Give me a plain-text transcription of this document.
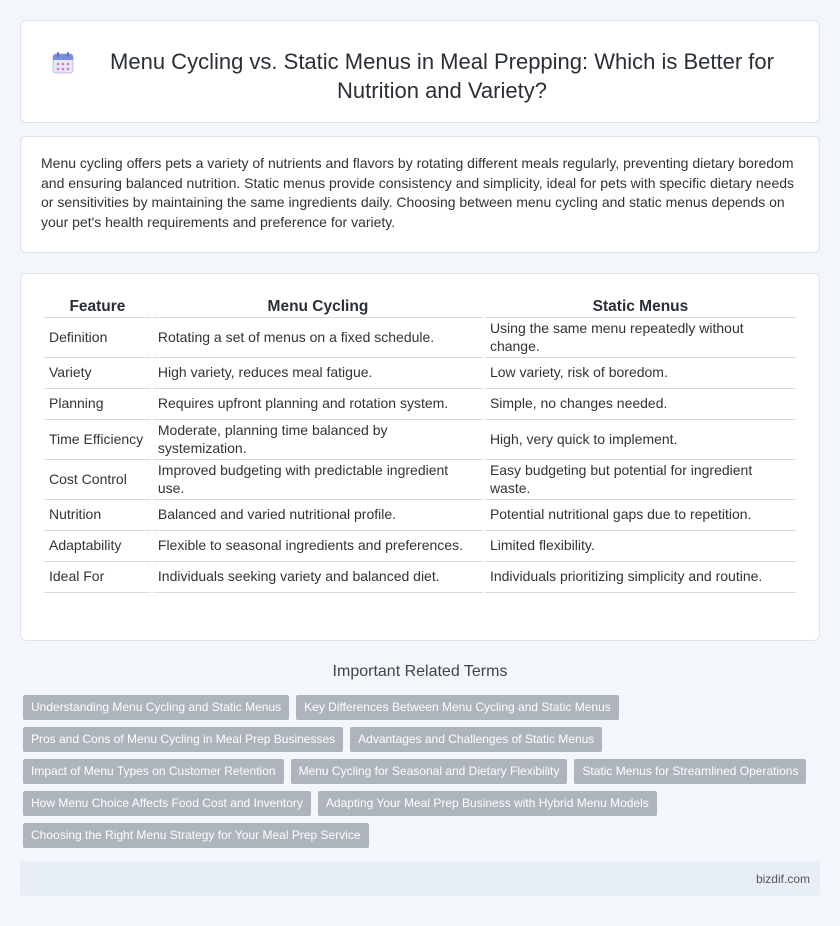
Menu Cycling vs. Static Menus in Meal Prepping: Which is Better for Nutrition and Variety?

Menu cycling offers pets a variety of nutrients and flavors by rotating different meals regularly, preventing dietary boredom and ensuring balanced nutrition. Static menus provide consistency and simplicity, ideal for pets with specific dietary needs or sensitivities by maintaining the same ingredients daily. Choosing between menu cycling and static menus depends on your pet's health requirements and preference for variety.

Feature	Menu Cycling	Static Menus
Definition	Rotating a set of menus on a fixed schedule.	Using the same menu repeatedly without change.
Variety	High variety, reduces meal fatigue.	Low variety, risk of boredom.
Planning	Requires upfront planning and rotation system.	Simple, no changes needed.
Time Efficiency	Moderate, planning time balanced by systemization.	High, very quick to implement.
Cost Control	Improved budgeting with predictable ingredient use.	Easy budgeting but potential for ingredient waste.
Nutrition	Balanced and varied nutritional profile.	Potential nutritional gaps due to repetition.
Adaptability	Flexible to seasonal ingredients and preferences.	Limited flexibility.
Ideal For	Individuals seeking variety and balanced diet.	Individuals prioritizing simplicity and routine.
Important Related Terms
Understanding Menu Cycling and Static Menus	Key Differences Between Menu Cycling and Static Menus
Pros and Cons of Menu Cycling in Meal Prep Businesses	Advantages and Challenges of Static Menus
Impact of Menu Types on Customer Retention	Menu Cycling for Seasonal and Dietary Flexibility	Static Menus for Streamlined Operations
How Menu Choice Affects Food Cost and Inventory	Adapting Your Meal Prep Business with Hybrid Menu Models
Choosing the Right Menu Strategy for Your Meal Prep Service
bizdif.com
